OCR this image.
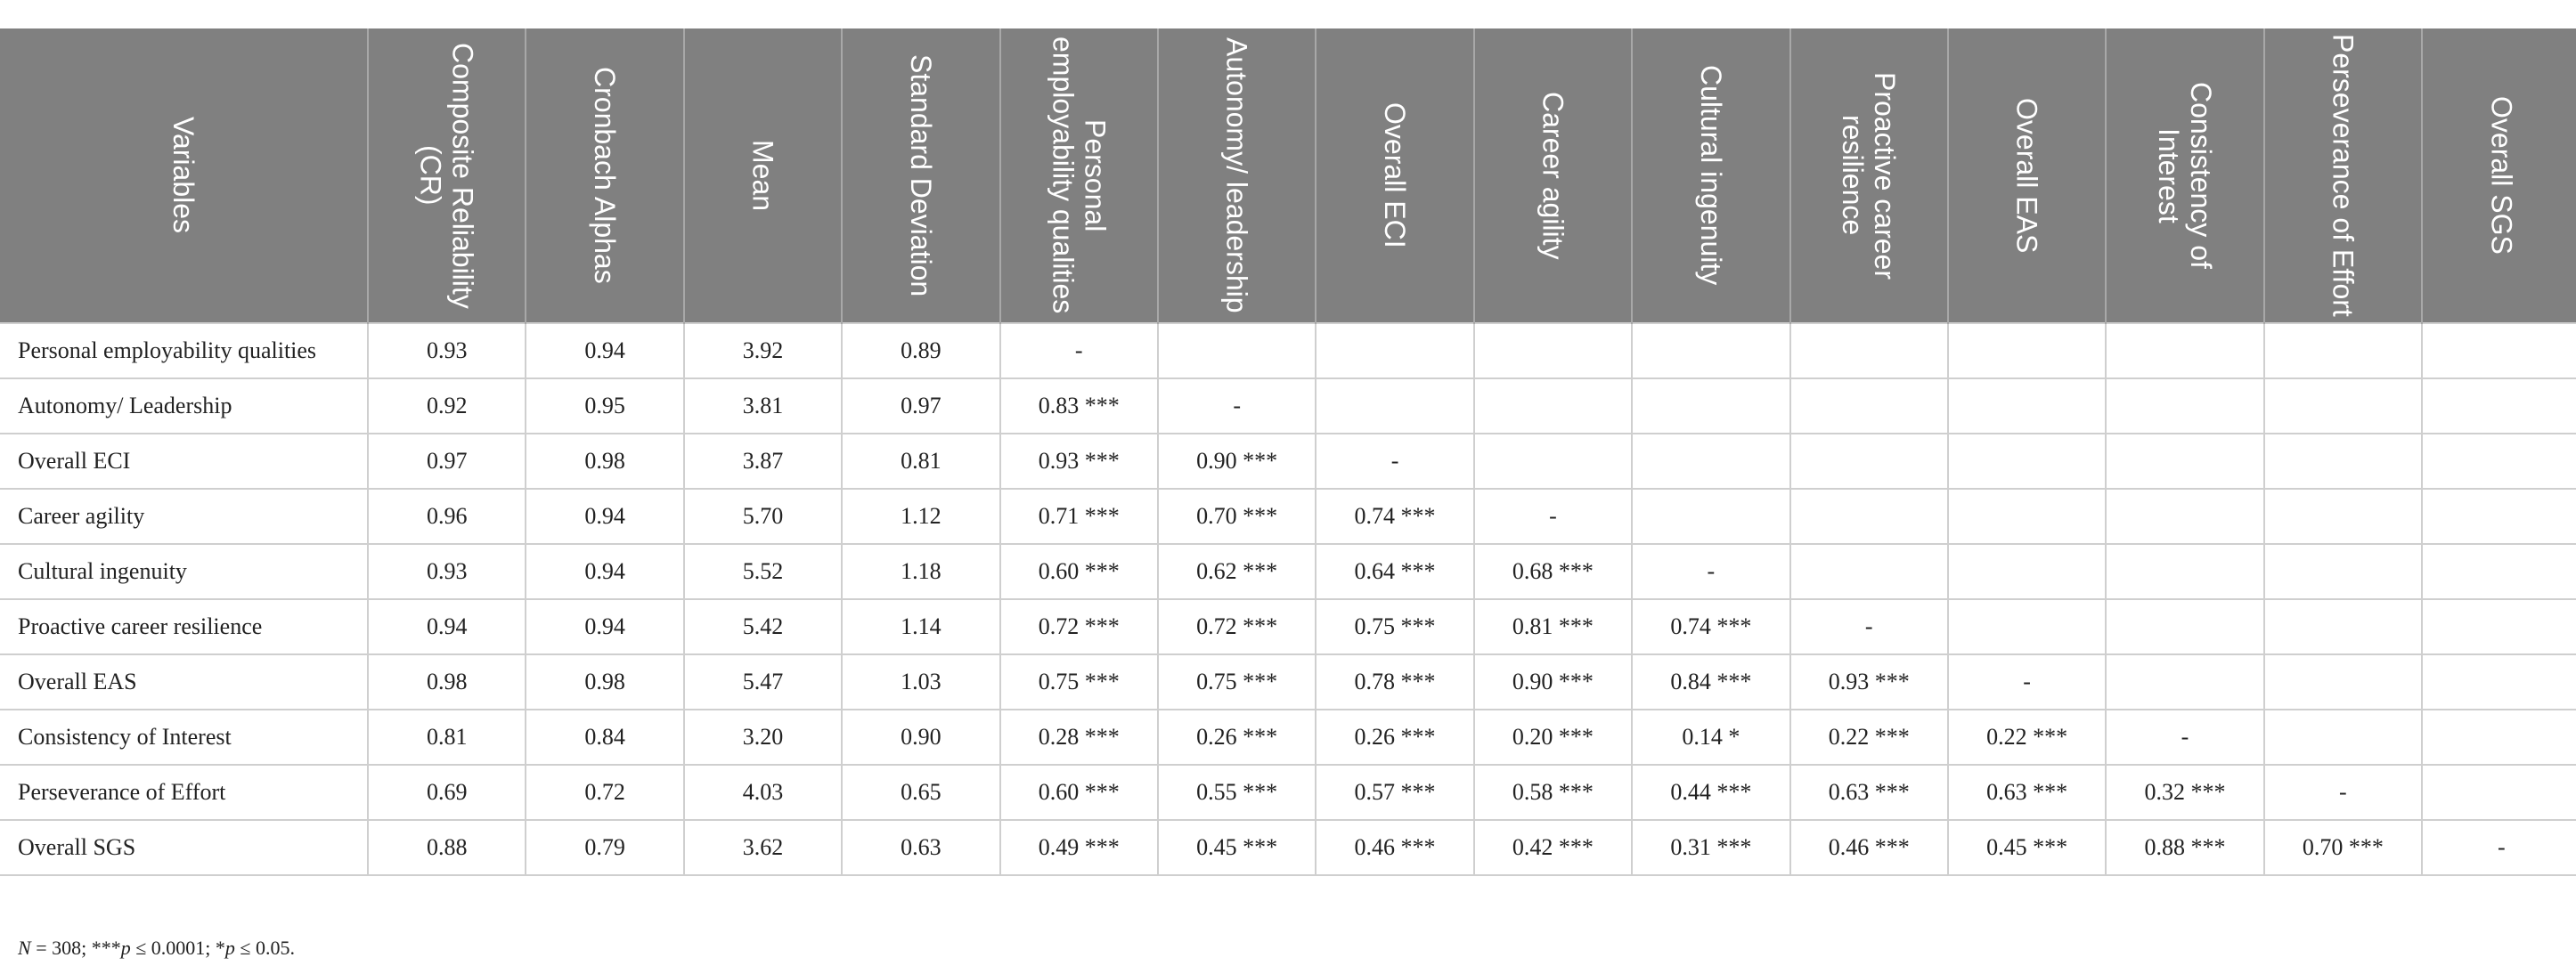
Variables	Composite Reliability (CR)	Cronbach Alphas	Mean	Standard Deviation	Personal employability qualities	Autonomy/ leadership	Overall ECI	Career agility	Cultural ingenuity	Proactive career resilience	Overall EAS	Consistency of Interest	Perseverance of Effort	Overall SGS

Personal employability qualities	0.93	0.94	3.92	0.89	-									
Autonomy/ Leadership	0.92	0.95	3.81	0.97	0.83 ***	-								
Overall ECI	0.97	0.98	3.87	0.81	0.93 ***	0.90 ***	-							
Career agility	0.96	0.94	5.70	1.12	0.71 ***	0.70 ***	0.74 ***	-						
Cultural ingenuity	0.93	0.94	5.52	1.18	0.60 ***	0.62 ***	0.64 ***	0.68 ***	-					
Proactive career resilience	0.94	0.94	5.42	1.14	0.72 ***	0.72 ***	0.75 ***	0.81 ***	0.74 ***	-				
Overall EAS	0.98	0.98	5.47	1.03	0.75 ***	0.75 ***	0.78 ***	0.90 ***	0.84 ***	0.93 ***	-			
Consistency of Interest	0.81	0.84	3.20	0.90	0.28 ***	0.26 ***	0.26 ***	0.20 ***	0.14 *	0.22 ***	0.22 ***	-		
Perseverance of Effort	0.69	0.72	4.03	0.65	0.60 ***	0.55 ***	0.57 ***	0.58 ***	0.44 ***	0.63 ***	0.63 ***	0.32 ***	-	
Overall SGS	0.88	0.79	3.62	0.63	0.49 ***	0.45 ***	0.46 ***	0.42 ***	0.31 ***	0.46 ***	0.45 ***	0.88 ***	0.70 ***	-
N = 308; ***p ≤ 0.0001; *p ≤ 0.05.
